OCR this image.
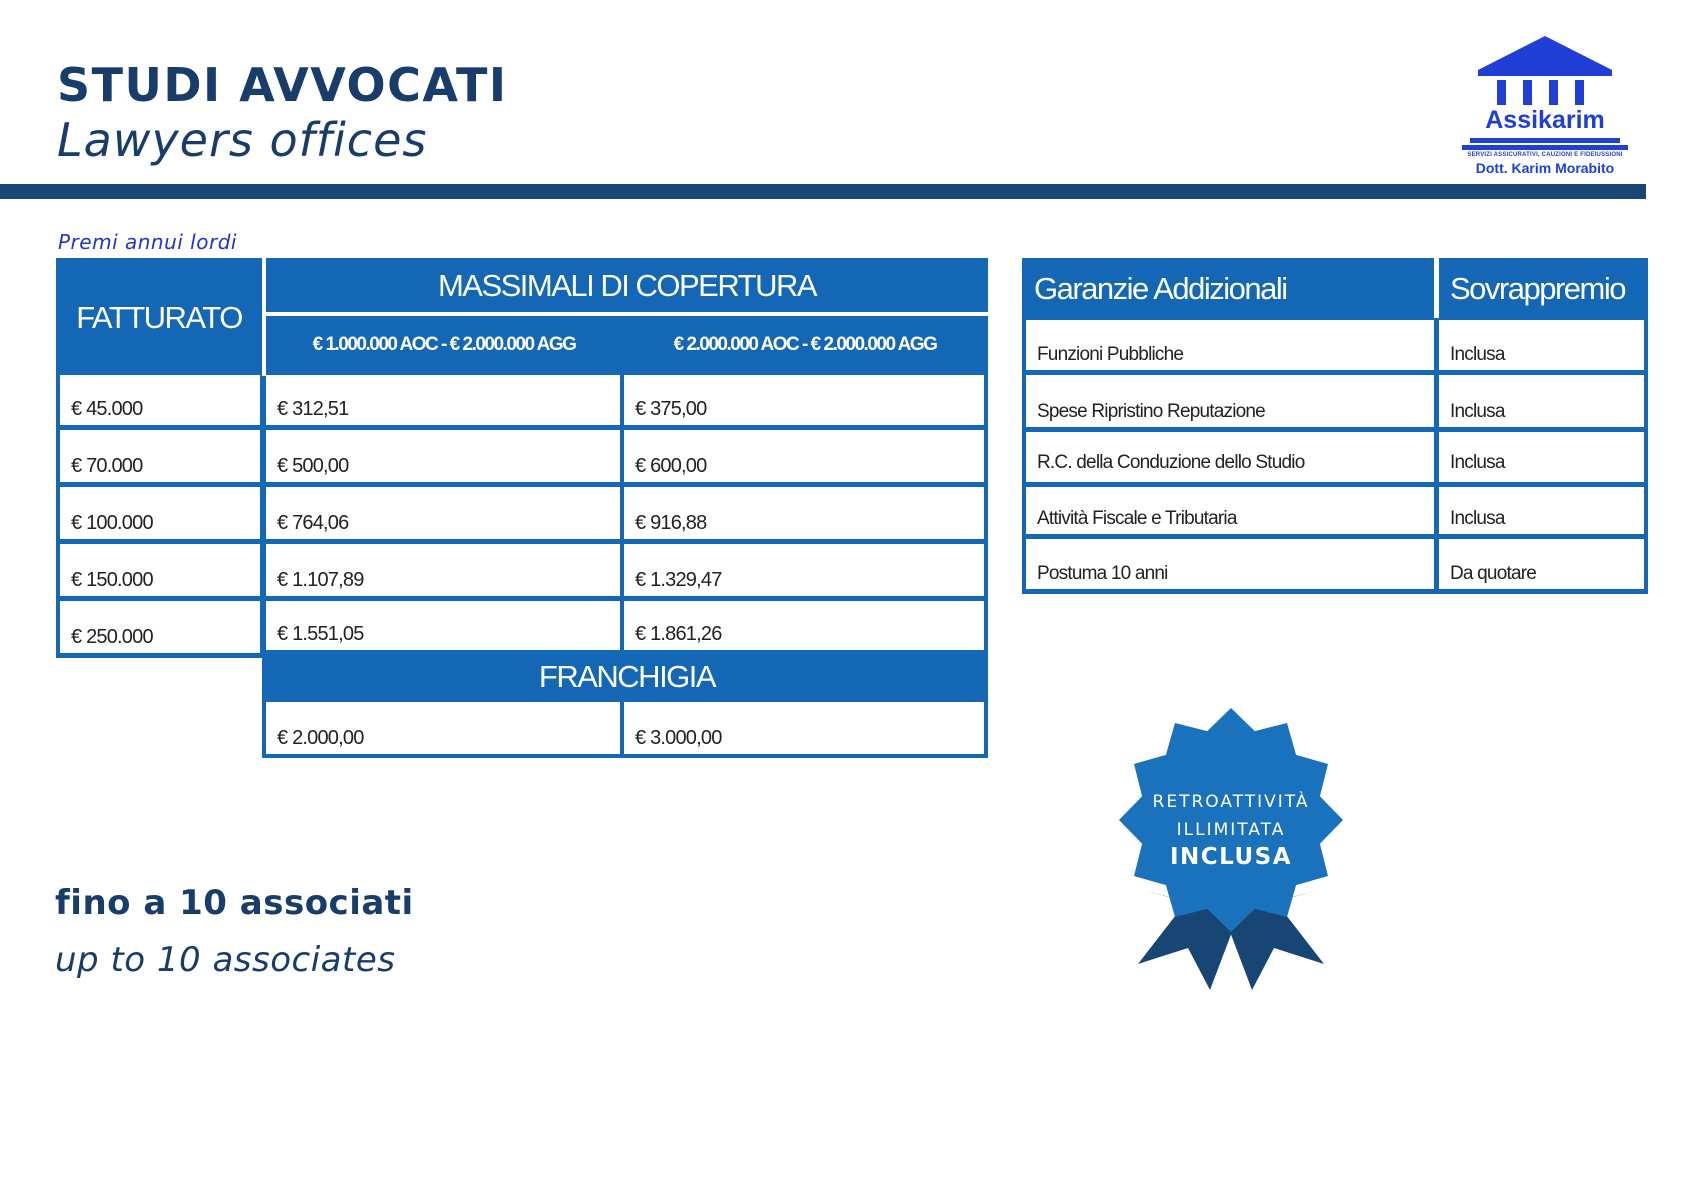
STUDI AVVOCATI
Lawyers offices	Assikarim
SERVIZI ASSICURATIVI, CAUZIONI E FIDEIUSSIONI
Dott. Karim Morabito
Premi annui lordi
FATTURATO
MASSIMALI DI COPERTURA
€ 1.000.000 AOC - € 2.000.000 AGG	€ 2.000.000 AOC - € 2.000.000 AGG
€ 45.000	€ 312,51	€ 375,00
€ 70.000	€ 500,00	€ 600,00
€ 100.000	€ 764,06	€ 916,88
€ 150.000	€ 1.107,89	€ 1.329,47
€ 250.000	€ 1.551,05	€ 1.861,26
FRANCHIGIA
€ 2.000,00	€ 3.000,00
Garanzie Addizionali	Sovrappremio
Funzioni Pubbliche	Inclusa
Spese Ripristino Reputazione	Inclusa
R.C. della Conduzione dello Studio	Inclusa
Attività Fiscale e Tributaria	Inclusa
Postuma 10 anni	Da quotare
fino a 10 associati
up to 10 associates
RETROATTIVITÀ
ILLIMITATA
INCLUSA
